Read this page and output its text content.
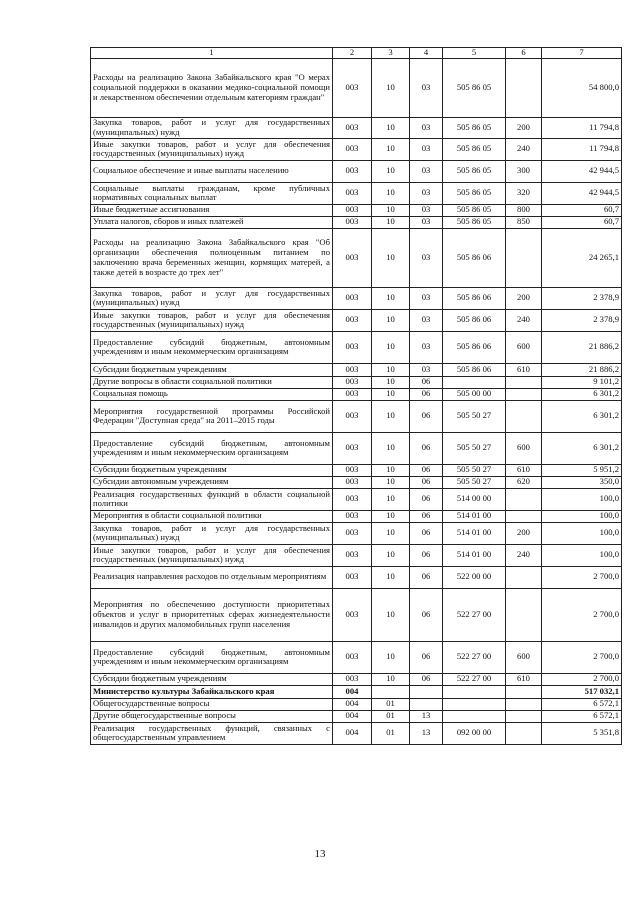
1	2	3	4	5	6	7
Расходы на реализацию Закона Забайкальского края "О мерах социальной поддержки в оказании медико-социальной помощи и лекарственном обеспечении отдельным категориям граждан"	003	10	03	505 86 05		54 800,0
Закупка товаров, работ и услуг для государственных (муниципальных) нужд	003	10	03	505 86 05	200	11 794,8
Иные закупки товаров, работ и услуг для обеспечения государственных (муниципальных) нужд	003	10	03	505 86 05	240	11 794,8
Социальное обеспечение и иные выплаты населению	003	10	03	505 86 05	300	42 944,5
Социальные выплаты гражданам, кроме публичных нормативных социальных выплат	003	10	03	505 86 05	320	42 944,5
Иные бюджетные ассигнования	003	10	03	505 86 05	800	60,7
Уплата налогов, сборов и иных платежей	003	10	03	505 86 05	850	60,7
Расходы на реализацию Закона Забайкальского края "Об организации обеспечения полноценным питанием по заключению врача беременных женщин, кормящих матерей, а также детей в возрасте до трех лет"	003	10	03	505 86 06		24 265,1
Закупка товаров, работ и услуг для государственных (муниципальных) нужд	003	10	03	505 86 06	200	2 378,9
Иные закупки товаров, работ и услуг для обеспечения государственных (муниципальных) нужд	003	10	03	505 86 06	240	2 378,9
Предоставление субсидий бюджетным, автономным учреждениям и иным некоммерческим организациям	003	10	03	505 86 06	600	21 886,2
Субсидии бюджетным учреждениям	003	10	03	505 86 06	610	21 886,2
Другие вопросы в области социальной политики	003	10	06			9 101,2
Социальная помощь	003	10	06	505 00 00		6 301,2
Мероприятия государственной программы Российской Федерации "Доступная среда" на 2011–2015 годы	003	10	06	505 50 27		6 301,2
Предоставление субсидий бюджетным, автономным учреждениям и иным некоммерческим организациям	003	10	06	505 50 27	600	6 301,2
Субсидии бюджетным учреждениям	003	10	06	505 50 27	610	5 951,2
Субсидии автономным учреждениям	003	10	06	505 50 27	620	350,0
Реализация государственных функций в области социальной политики	003	10	06	514 00 00		100,0
Мероприятия в области социальной политики	003	10	06	514 01 00		100,0
Закупка товаров, работ и услуг для государственных (муниципальных) нужд	003	10	06	514 01 00	200	100,0
Иные закупки товаров, работ и услуг для обеспечения государственных (муниципальных) нужд	003	10	06	514 01 00	240	100,0
Реализация направления расходов по отдельным мероприятиям	003	10	06	522 00 00		2 700,0
Мероприятия по обеспечению доступности приоритетных объектов и услуг в приоритетных сферах жизнедеятельности инвалидов и других маломобильных групп населения	003	10	06	522 27 00		2 700,0
Предоставление субсидий бюджетным, автономным учреждениям и иным некоммерческим организациям	003	10	06	522 27 00	600	2 700,0
Субсидии бюджетным учреждениям	003	10	06	522 27 00	610	2 700,0
Министерство культуры Забайкальского края	004					517 032,1
Общегосударственные вопросы	004	01				6 572,1
Другие общегосударственные вопросы	004	01	13			6 572,1
Реализация государственных функций, связанных с общегосударственным управлением	004	01	13	092 00 00		5 351,8
13
